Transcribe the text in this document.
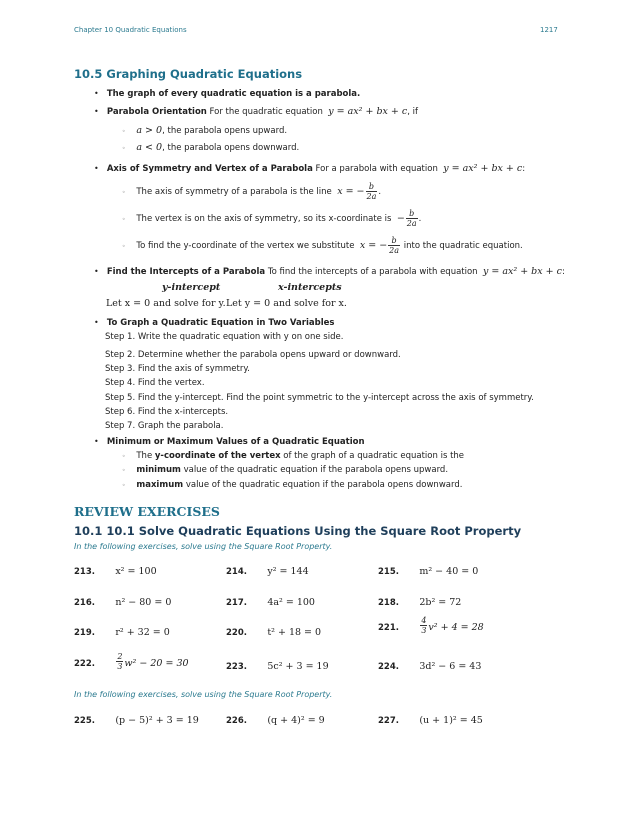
Chapter 10 Quadratic Equations	1217
10.5 Graphing Quadratic Equations
• The graph of every quadratic equation is a parabola.
• Parabola Orientation For the quadratic equation y = ax² + bx + c, if
◦ a > 0, the parabola opens upward.
◦ a < 0, the parabola opens downward.
• Axis of Symmetry and Vertex of a Parabola For a parabola with equation y = ax² + bx + c:
◦ The axis of symmetry of a parabola is the line x = − $\frac{b}{2a}$ .
◦ The vertex is on the axis of symmetry, so its x-coordinate is − $\frac{b}{2a}$ .
◦ To find the y-coordinate of the vertex we substitute x = − $\frac{b}{2a}$ into the quadratic equation.
• Find the Intercepts of a Parabola To find the intercepts of a parabola with equation y = ax² + bx + c:
y-intercept	x-intercepts
Let x = 0 and solve for y. Let y = 0 and solve for x.
• To Graph a Quadratic Equation in Two Variables
Step 1. Write the quadratic equation with y on one side.
Step 2. Determine whether the parabola opens upward or downward.
Step 3. Find the axis of symmetry.
Step 4. Find the vertex.
Step 5. Find the y-intercept. Find the point symmetric to the y-intercept across the axis of symmetry.
Step 6. Find the x-intercepts.
Step 7. Graph the parabola.
• Minimum or Maximum Values of a Quadratic Equation
◦ The y-coordinate of the vertex of the graph of a quadratic equation is the
◦ minimum value of the quadratic equation if the parabola opens upward.
◦ maximum value of the quadratic equation if the parabola opens downward.
REVIEW EXERCISES
10.1 10.1 Solve Quadratic Equations Using the Square Root Property
In the following exercises, solve using the Square Root Property.
213. x² = 100	214. y² = 144	215. m² − 40 = 0
216. n² − 80 = 0	217. 4a² = 100	218. 2b² = 72
219. r² + 32 = 0	220. t² + 18 = 0	221.	$\frac{4}{3} v^2 + 4 = 28$
222.	$\frac{2}{3} w^2 - 20 = 30$	223. 5c² + 3 = 19	224. 3d² − 6 = 43
In the following exercises, solve using the Square Root Property.
225. (p − 5)² + 3 = 19	226. (q + 4)² = 9	227. (u + 1)² = 45
